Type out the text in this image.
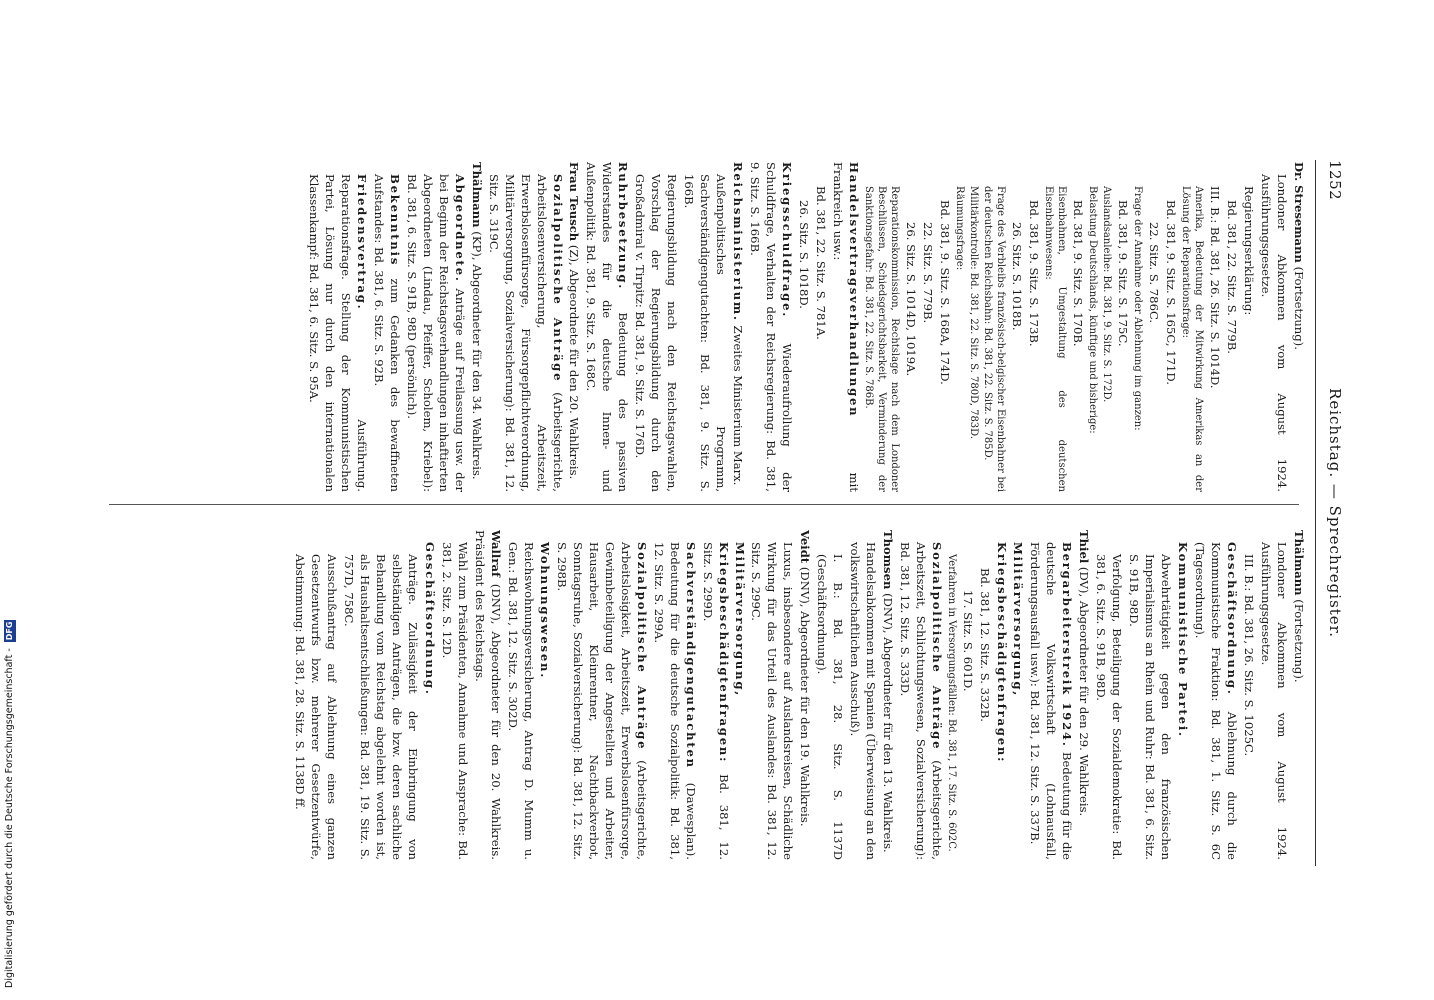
1252
Reichstag. — Sprechregister.
Dr. Stresemann (Fortsetzung).
Londoner Abkommen vom August 1924. Ausführungsgesetze.
Regierungserklärung:
Bd. 381, 22. Sitz. S. 779B.
III. B.: Bd. 381, 26. Sitz. S. 1014D.
Amerika, Bedeutung der Mitwirkung Amerikas an der Lösung der Reparationsfrage:
Bd. 381, 9. Sitz. S. 165C, 171D.
22. Sitz. S. 786C.
Frage der Annahme oder Ablehnung im ganzen:
Bd. 381, 9. Sitz. S. 175C.
Auslandsanleihe: Bd. 381, 9. Sitz. S. 172D.
Belastung Deutschlands, künftige und bisherige:
Bd. 381, 9. Sitz. S. 170B.
Eisenbahnen, Umgestaltung des deutschen Eisenbahnwesens:
Bd. 381, 9. Sitz. S. 173B.
26. Sitz. S. 1018B.
Frage des Verbleibs französisch-belgischer Eisenbahner bei der deutschen Reichsbahn: Bd. 381, 22. Sitz. S. 785D.
Militärkontrolle: Bd. 381, 22. Sitz. S. 780D, 783D.
Räumungsfrage:
Bd. 381, 9. Sitz. S. 168A, 174D.
22. Sitz. S. 779B.
26. Sitz. S. 1014D, 1019A.
Reparationskommission, Rechtslage nach dem Londoner Beschlüssen, Schiedsgerichtsbarkeit, Verminderung der Sanktionsgefahr: Bd. 381, 22. Sitz. S. 786B.
Handelsvertragsverhandlungen mit Frankreich usw.:
Bd. 381, 22. Sitz. S. 781A.
26. Sitz. S. 1018D.
Kriegsschuldfrage. Wiederaufrollung der Schuldfrage, Verhalten der Reichsregierung: Bd. 381, 9. Sitz. S. 166B.
Reichsministerium. Zweites Ministerium Marx.
Außenpolitisches Programm, Sachverständigengutachten: Bd. 381, 9. Sitz. S. 166B.
Regierungsbildung nach den Reichstagswahlen, Vorschlag der Regierungsbildung durch den Großadmiral v. Tirpitz: Bd. 381, 9. Sitz. S. 176D.
Ruhrbesetzung. Bedeutung des passiven Widerstandes für die deutsche Innen- und Außenpolitik: Bd. 381, 9. Sitz. S. 168C.
Frau Teusch (Z), Abgeordnete für den 20. Wahlkreis.
Sozialpolitische Anträge (Arbeitsgerichte, Arbeitslosenversicherung, Arbeitszeit, Erwerbslosenfürsorge, Fürsorgepflichtverordnung, Militärversorgung, Sozialversicherung): Bd. 381, 12. Sitz. S. 319C.
Thälmann (KP), Abgeordneter für den 34. Wahlkreis.
Abgeordnete. Anträge auf Freilassung usw. der bei Beginn der Reichstagsverhandlungen inhaftierten Abgeordneten (Lindau, Pfeiffer, Scholem, Kriebel): Bd. 381, 6. Sitz. S. 91B, 98D (persönlich).
Bekenntnis zum Gedanken des bewaffneten Aufstandes: Bd. 381, 6. Sitz. S. 92B.
Friedensvertrag. Ausführung. Reparationsfrage. Stellung der Kommunistischen Partei, Lösung nur durch den internationalen Klassenkampf: Bd. 381, 6. Sitz. S. 95A.
Thälmann (Fortsetzung).
Londoner Abkommen vom August 1924. Ausführungsgesetze.
III. B.: Bd. 381, 26. Sitz. S. 1025C.
Geschäftsordnung. Ablehnung durch die Kommunistische Fraktion: Bd. 381, 1. Sitz. S. 6C (Tagesordnung).
Kommunistische Partei.
Abwehrtätigkeit gegen den französischen Imperialismus an Rhein und Ruhr: Bd. 381, 6. Sitz. S. 91B, 98D.
Verfolgung, Beteiligung der Sozialdemokratie: Bd. 381, 6. Sitz. S. 91B, 98D.
Thiel (DV), Abgeordneter für den 29. Wahlkreis.
Bergarbeiterstreik 1924. Bedeutung für die deutsche Volkswirtschaft (Lohnausfall, Förderungsausfall usw.): Bd. 381, 12. Sitz. S. 337B.
Militärversorgung, Kriegsbeschädigtenfragen:
Bd. 381, 12. Sitz. S. 332B.
17. Sitz. S. 601D.
Verfahren in Versorgungsfällen: Bd. 381, 17. Sitz. S. 602C.
Sozialpolitische Anträge (Arbeitsgerichte, Arbeitszeit, Schlichtungswesen, Sozialversicherung): Bd. 381, 12. Sitz. S. 333D.
Thomsen (DNV), Abgeordneter für den 13. Wahlkreis.
Handelsabkommen mit Spanien (Überweisung an den volkswirtschaftlichen Ausschuß).
I. B.: Bd. 381, 28. Sitz. S. 1137D (Geschäftsordnung).
Veidt (DNV), Abgeordneter für den 19. Wahlkreis.
Luxus, insbesondere auf Auslandsreisen, Schädliche Wirkung für das Urteil des Auslandes: Bd. 381, 12. Sitz. S. 299C.
Militärversorgung, Kriegsbeschädigtenfragen: Bd. 381, 12. Sitz. S. 299D.
Sachverständigengutachten (Dawesplan). Bedeutung für die deutsche Sozialpolitik: Bd. 381, 12. Sitz. S. 299A.
Sozialpolitische Anträge (Arbeitsgerichte, Arbeitslosigkeit, Arbeitszeit, Erwerbslosenfürsorge, Gewinnbeteiligung der Angestellten und Arbeiter, Hausarbeit, Kleinrentner, Nachtbackverbot, Sonntagsruhe, Sozialversicherung): Bd. 381, 12. Sitz. S. 298B.
Wohnungswesen. Reichswohnungsversicherung, Antrag D. Mumm u. Gen.: Bd. 381, 12. Sitz. S. 302D.
Wallraf (DNV), Abgeordneter für den 20. Wahlkreis. Präsident des Reichstags.
Wahl zum Präsidenten, Annahme und Ansprache: Bd. 381, 2. Sitz. S. 12D.
Geschäftsordnung.
Anträge. Zulässigkeit der Einbringung von selbständigen Anträgen, die bzw. deren sachliche Behandlung vom Reichstag abgelehnt worden ist, als Haushaltsentschließungen: Bd. 381, 19. Sitz. S. 757D, 758C.
Ausschußantrag auf Ablehnung eines ganzen Gesetzentwurfs bzw. mehrerer Gesetzentwürfe, Abstimmung: Bd. 381, 28. Sitz. S. 1138D ff.
Digitalisierung gefördert durch die Deutsche Forschungsgemeinschaft - DFG
